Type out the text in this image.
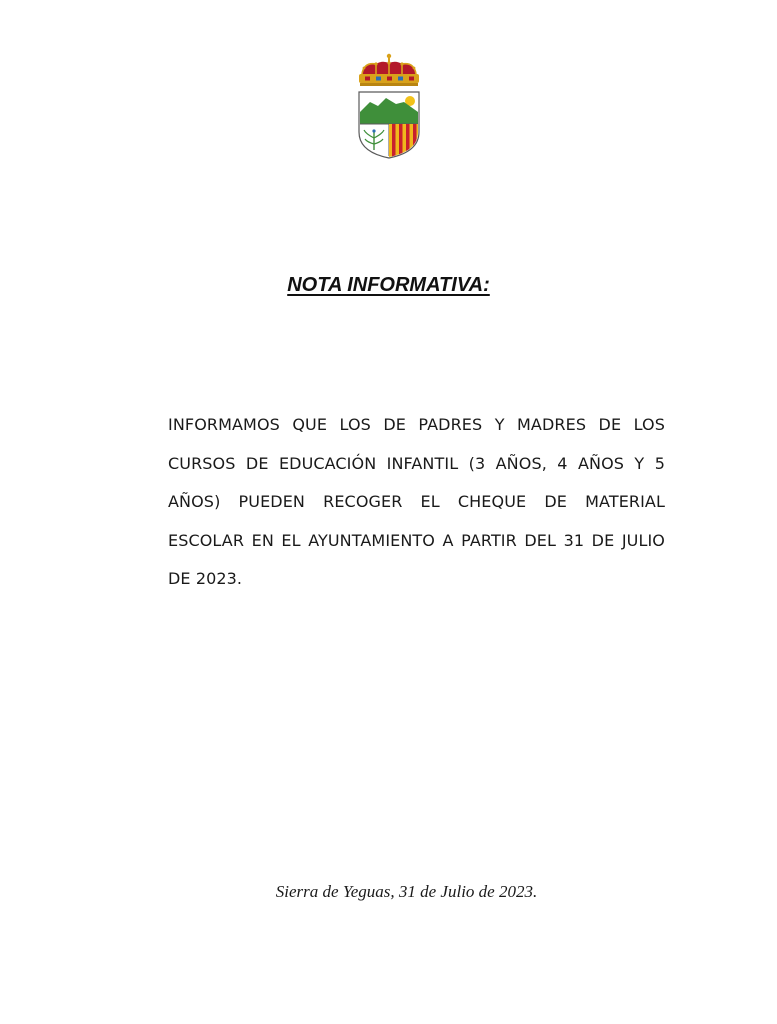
NOTA INFORMATIVA:

INFORMAMOS QUE LOS DE PADRES Y MADRES DE LOS CURSOS DE EDUCACIÓN INFANTIL (3 AÑOS, 4 AÑOS Y 5 AÑOS) PUEDEN RECOGER EL CHEQUE DE MATERIAL ESCOLAR EN EL AYUNTAMIENTO A PARTIR DEL 31 DE JULIO DE 2023.

Sierra de Yeguas, 31 de Julio de 2023.
